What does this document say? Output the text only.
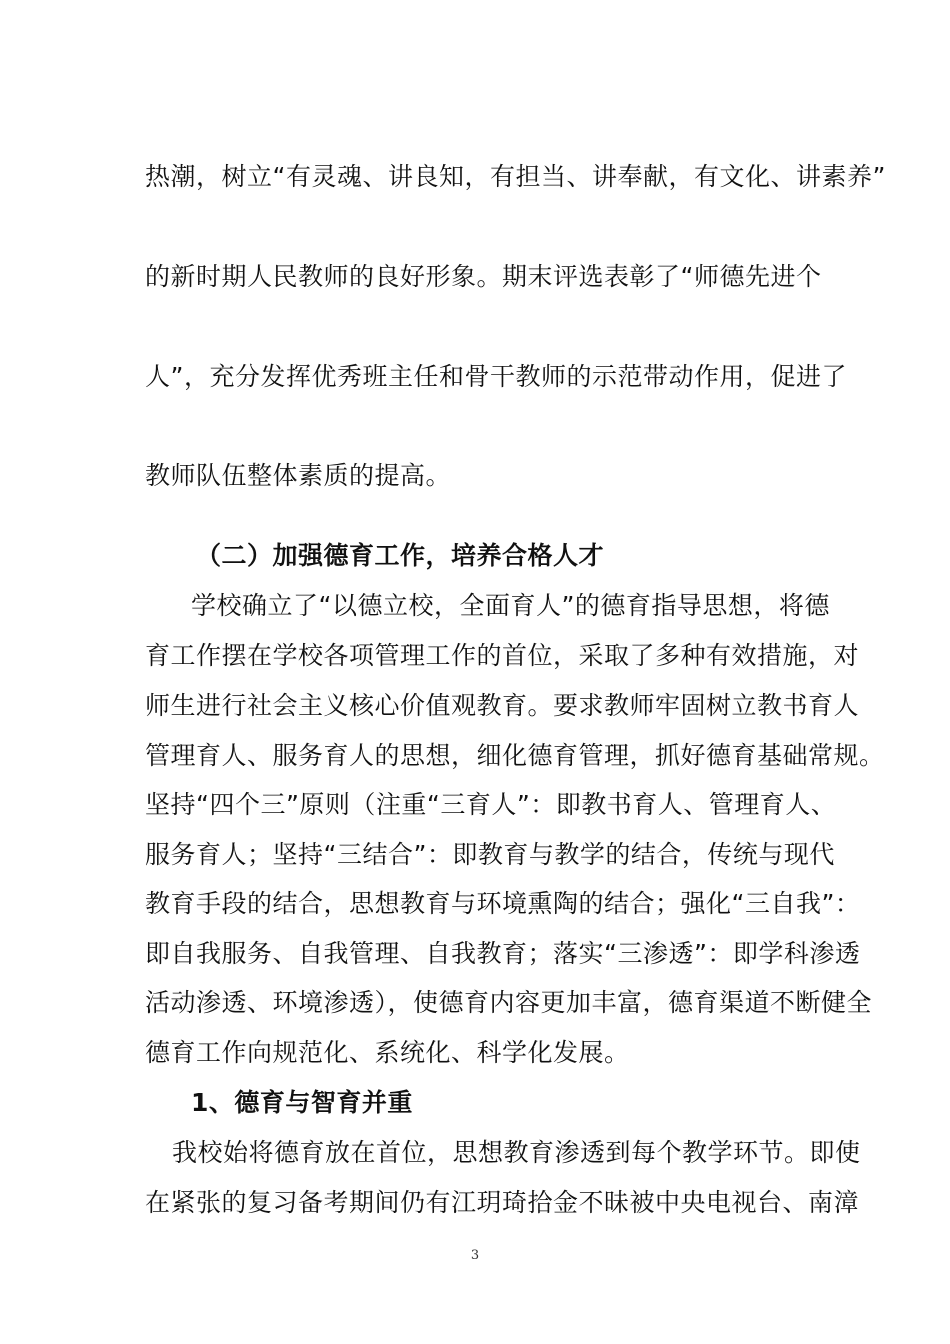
热潮，树立“有灵魂、讲良知，有担当、讲奉献，有文化、讲素养”

的新时期人民教师的良好形象。期末评选表彰了“师德先进个

人”，充分发挥优秀班主任和骨干教师的示范带动作用，促进了

教师队伍整体素质的提高。

（二）加强德育工作，培养合格人才

学校确立了“以德立校，全面育人”的德育指导思想，将德

育工作摆在学校各项管理工作的首位，采取了多种有效措施，对

师生进行社会主义核心价值观教育。要求教师牢固树立教书育人

管理育人、服务育人的思想，细化德育管理，抓好德育基础常规。

坚持“四个三”原则（注重“三育人”：即教书育人、管理育人、

服务育人；坚持“三结合”：即教育与教学的结合，传统与现代

教育手段的结合，思想教育与环境熏陶的结合；强化“三自我”：

即自我服务、自我管理、自我教育；落实“三渗透”：即学科渗透

活动渗透、环境渗透），使德育内容更加丰富，德育渠道不断健全

德育工作向规范化、系统化、科学化发展。

1、德育与智育并重

我校始将德育放在首位，思想教育渗透到每个教学环节。即使

在紧张的复习备考期间仍有江玥琦拾金不昧被中央电视台、南漳

3
